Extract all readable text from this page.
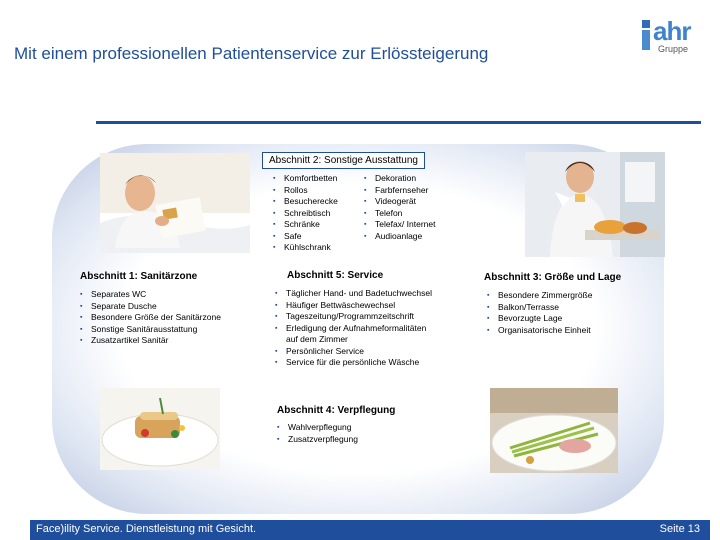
Mit einem professionellen Patientenservice zur Erlössteigerung
ahr
Gruppe
Abschnitt 2: Sonstige Ausstattung
▪ Komfortbetten
▪ Rollos
▪ Besucherecke
▪ Schreibtisch
▪ Schränke
▪ Safe
▪ Kühlschrank
▪ Dekoration
▪ Farbfernseher
▪ Videogerät
▪ Telefon
▪ Telefax/ Internet
▪ Audioanlage
Abschnitt 1: Sanitärzone
▪ Separates WC
▪ Separate Dusche
▪ Besondere Größe der Sanitärzone
▪ Sonstige Sanitärausstattung
▪ Zusatzartikel Sanitär
Abschnitt 5: Service
▪ Täglicher Hand- und Badetuchwechsel
▪ Häufiger Bettwäschewechsel
▪ Tageszeitung/Programmzeitschrift
▪ Erledigung der Aufnahmeformalitäten
auf dem Zimmer
▪ Persönlicher Service
▪ Service für die persönliche Wäsche
Abschnitt 3: Größe und Lage
▪ Besondere Zimmergröße
▪ Balkon/Terrasse
▪ Bevorzugte Lage
▪ Organisatorische Einheit
Abschnitt 4: Verpflegung
▪ Wahlverpflegung
▪ Zusatzverpflegung
Face)ility Service. Dienstleistung mit Gesicht.	Seite 13
